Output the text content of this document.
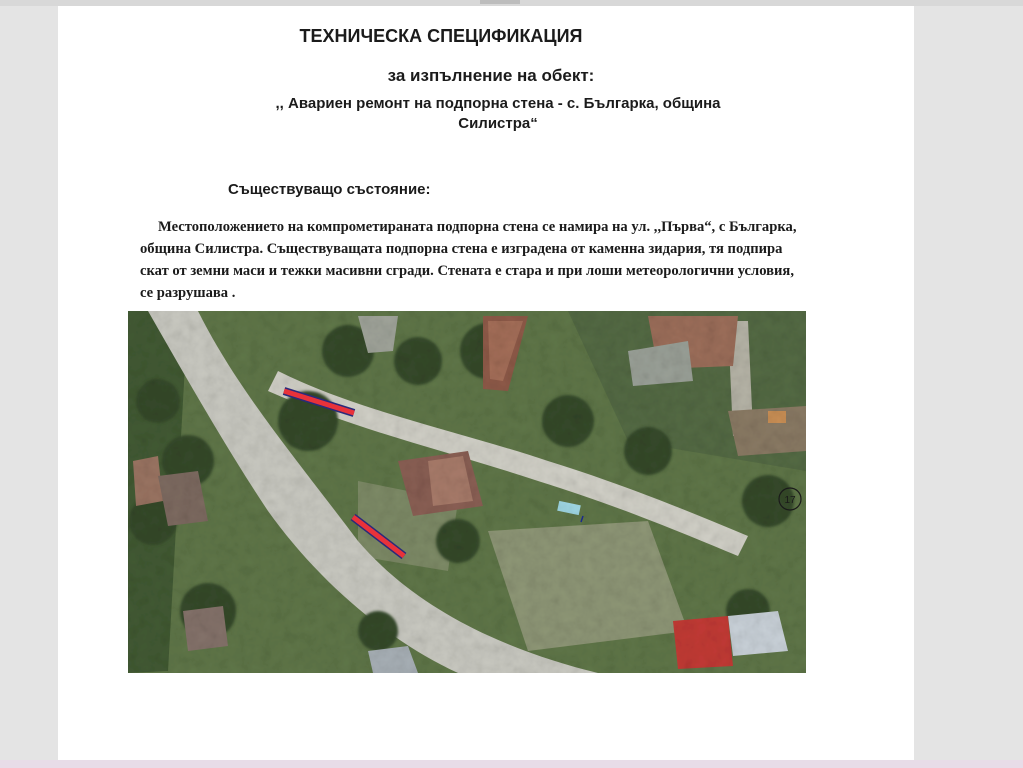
ТЕХНИЧЕСКА СПЕЦИФИКАЦИЯ
за изпълнение на обект:
,, Авариен ремонт на подпорна стена - с. Българка, община Силистра“
Съществуващо състояние:

Местоположението на компрометираната подпорна стена се намира на ул. ,,Първа“, с Българка, община Силистра. Съществуващата подпорна стена е изградена от каменна зидария, тя подпира скат от земни маси и тежки масивни сгради. Стената е стара и при лоши метеорологични условия, се разрушава .

17
